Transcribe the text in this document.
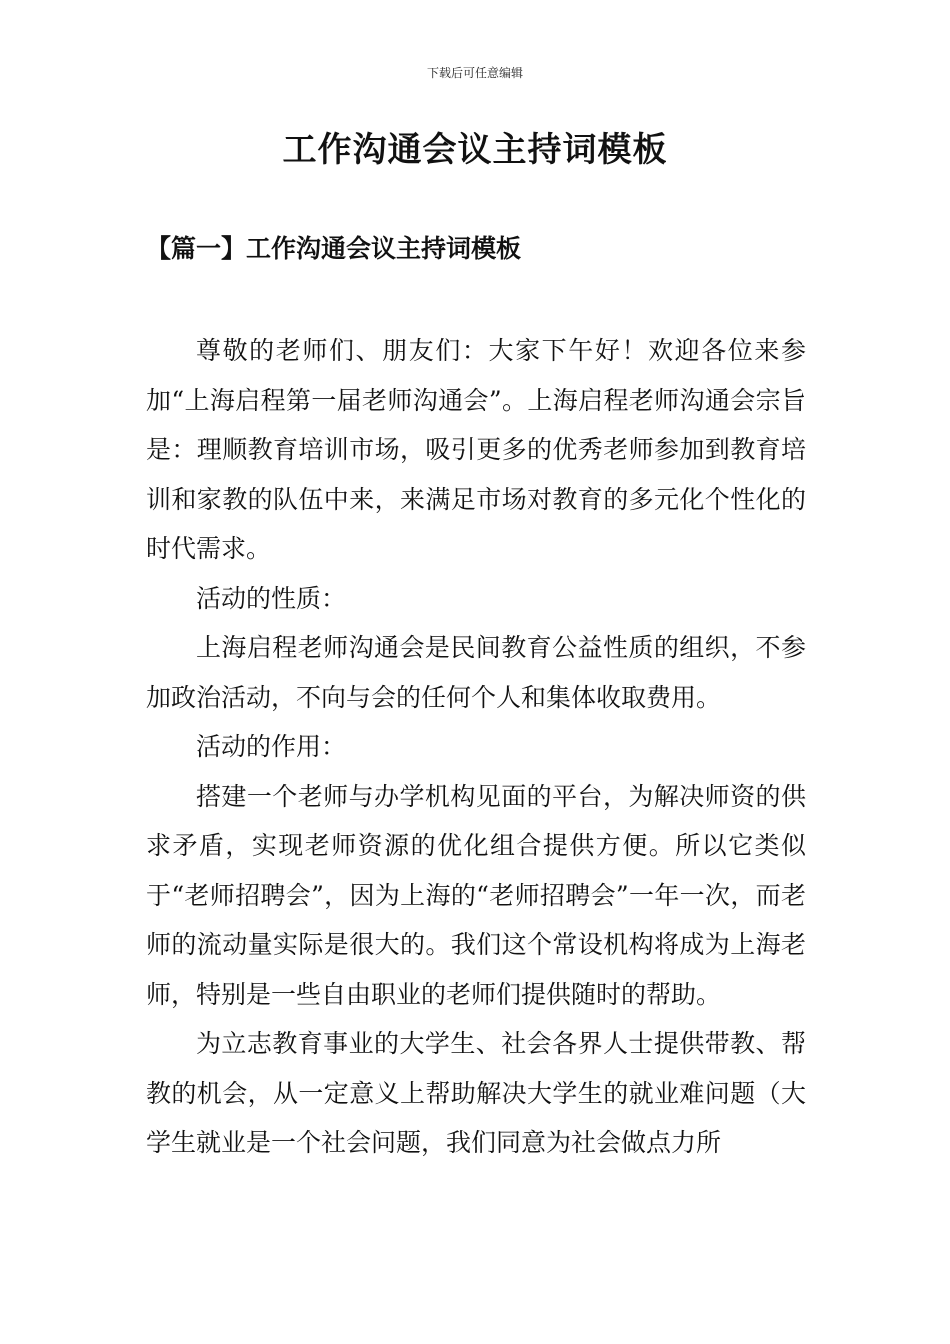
下载后可任意编辑
工作沟通会议主持词模板
【篇一】工作沟通会议主持词模板

尊敬的老师们、朋友们：大家下午好！欢迎各位来参加“上海启程第一届老师沟通会”。上海启程老师沟通会宗旨是：理顺教育培训市场，吸引更多的优秀老师参加到教育培训和家教的队伍中来，来满足市场对教育的多元化个性化的时代需求。

活动的性质：

上海启程老师沟通会是民间教育公益性质的组织，不参加政治活动，不向与会的任何个人和集体收取费用。

活动的作用：

搭建一个老师与办学机构见面的平台，为解决师资的供求矛盾，实现老师资源的优化组合提供方便。所以它类似于“老师招聘会”，因为上海的“老师招聘会”一年一次，而老师的流动量实际是很大的。我们这个常设机构将成为上海老师，特别是一些自由职业的老师们提供随时的帮助。

为立志教育事业的大学生、社会各界人士提供带教、帮教的机会，从一定意义上帮助解决大学生的就业难问题（大学生就业是一个社会问题，我们同意为社会做点力所
